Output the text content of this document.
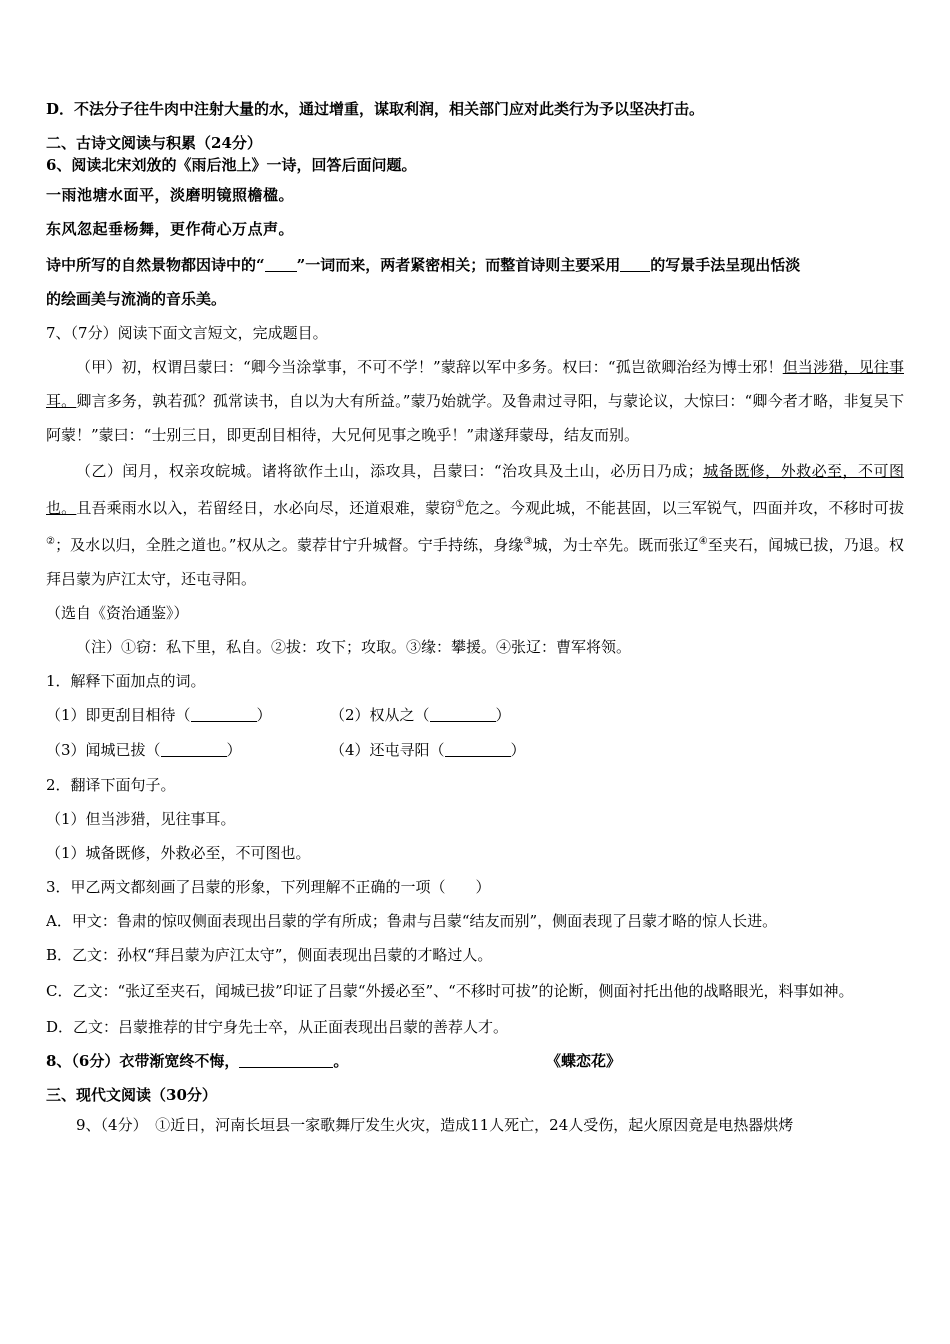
D．不法分子往牛肉中注射大量的水，通过增重，谋取利润，相关部门应对此类行为予以坚决打击。
二、古诗文阅读与积累（24分）
6、阅读北宋刘攽的《雨后池上》一诗，回答后面问题。
一雨池塘水面平，淡磨明镜照檐楹。
东风忽起垂杨舞，更作荷心万点声。
诗中所写的自然景物都因诗中的“ ”一词而来，两者紧密相关；而整首诗则主要采用 的写景手法呈现出恬淡
的绘画美与流淌的音乐美。
7、（7分）阅读下面文言短文，完成题目。
（甲）初，权谓吕蒙曰：“卿今当涂掌事，不可不学！”蒙辞以军中多务。权曰：“孤岂欲卿治经为博士邪！但当涉猎，见往事耳。卿言多务，孰若孤？孤常读书，自以为大有所益。”蒙乃始就学。及鲁肃过寻阳，与蒙论议，大惊曰：“卿今者才略，非复吴下阿蒙！”蒙曰：“士别三日，即更刮目相待，大兄何见事之晚乎！”肃遂拜蒙母，结友而别。
（乙）闰月，权亲攻皖城。诸将欲作土山，添攻具，吕蒙曰：“治攻具及土山，必历日乃成；城备既修，外救必至，不可图也。且吾乘雨水以入，若留经日，水必向尽，还道艰难，蒙窃①危之。今观此城，不能甚固，以三军锐气，四面并攻，不移时可拔②；及水以归，全胜之道也。”权从之。蒙荐甘宁升城督。宁手持练，身缘③城，为士卒先。既而张辽④至夹石，闻城已拔，乃退。权拜吕蒙为庐江太守，还屯寻阳。
（选自《资治通鉴》）
（注）①窃：私下里，私自。②拔：攻下；攻取。③缘：攀援。④张辽：曹军将领。
1．解释下面加点的词。
（1）即更刮目相待（	）	（2）权从之（	）
（3）闻城已拔（	）	（4）还屯寻阳（	）
2．翻译下面句子。
（1）但当涉猎，见往事耳。
（1）城备既修，外救必至，不可图也。
3．甲乙两文都刻画了吕蒙的形象，下列理解不正确的一项（　　）
A．甲文：鲁肃的惊叹侧面表现出吕蒙的学有所成；鲁肃与吕蒙“结友而别”，侧面表现了吕蒙才略的惊人长进。
B．乙文：孙权“拜吕蒙为庐江太守”，侧面表现出吕蒙的才略过人。
C．乙文：“张辽至夹石，闻城已拔”印证了吕蒙“外援必至”、“不移时可拔”的论断，侧面衬托出他的战略眼光，料事如神。
D．乙文：吕蒙推荐的甘宁身先士卒，从正面表现出吕蒙的善荐人才。
8、（6分）衣带渐宽终不悔，	。	《蝶恋花》
三、现代文阅读（30分）
9、（4分）　①近日，河南长垣县一家歌舞厅发生火灾，造成11人死亡，24人受伤，起火原因竟是电热器烘烤
